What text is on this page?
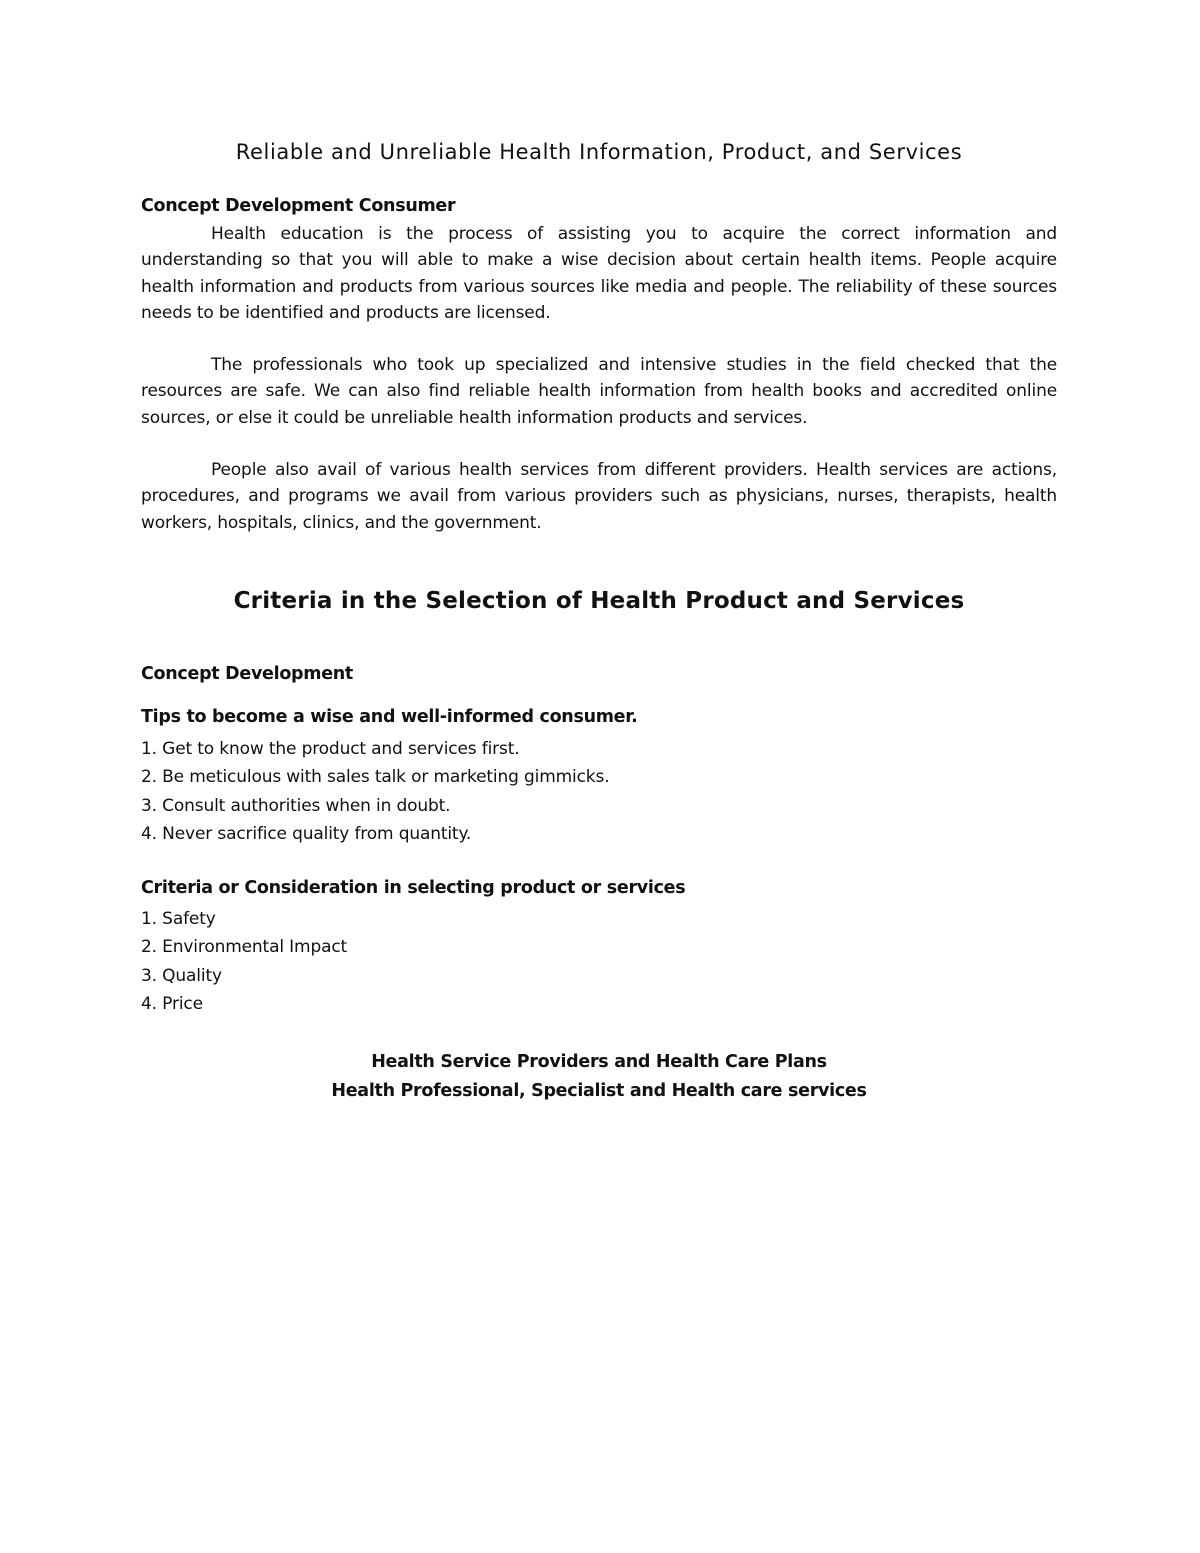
Reliable and Unreliable Health Information, Product, and Services
Concept Development Consumer

Health education is the process of assisting you to acquire the correct information and understanding so that you will able to make a wise decision about certain health items. People acquire health information and products from various sources like media and people. The reliability of these sources needs to be identified and products are licensed.

The professionals who took up specialized and intensive studies in the field checked that the resources are safe. We can also find reliable health information from health books and accredited online sources, or else it could be unreliable health information products and services.

People also avail of various health services from different providers. Health services are actions, procedures, and programs we avail from various providers such as physicians, nurses, therapists, health workers, hospitals, clinics, and the government.

Criteria in the Selection of Health Product and Services
Concept Development
Tips to become a wise and well-informed consumer.
1. Get to know the product and services first.
2. Be meticulous with sales talk or marketing gimmicks.
3. Consult authorities when in doubt.
4. Never sacrifice quality from quantity.
Criteria or Consideration in selecting product or services
1. Safety
2. Environmental Impact
3. Quality
4. Price
Health Service Providers and Health Care Plans
Health Professional, Specialist and Health care services
